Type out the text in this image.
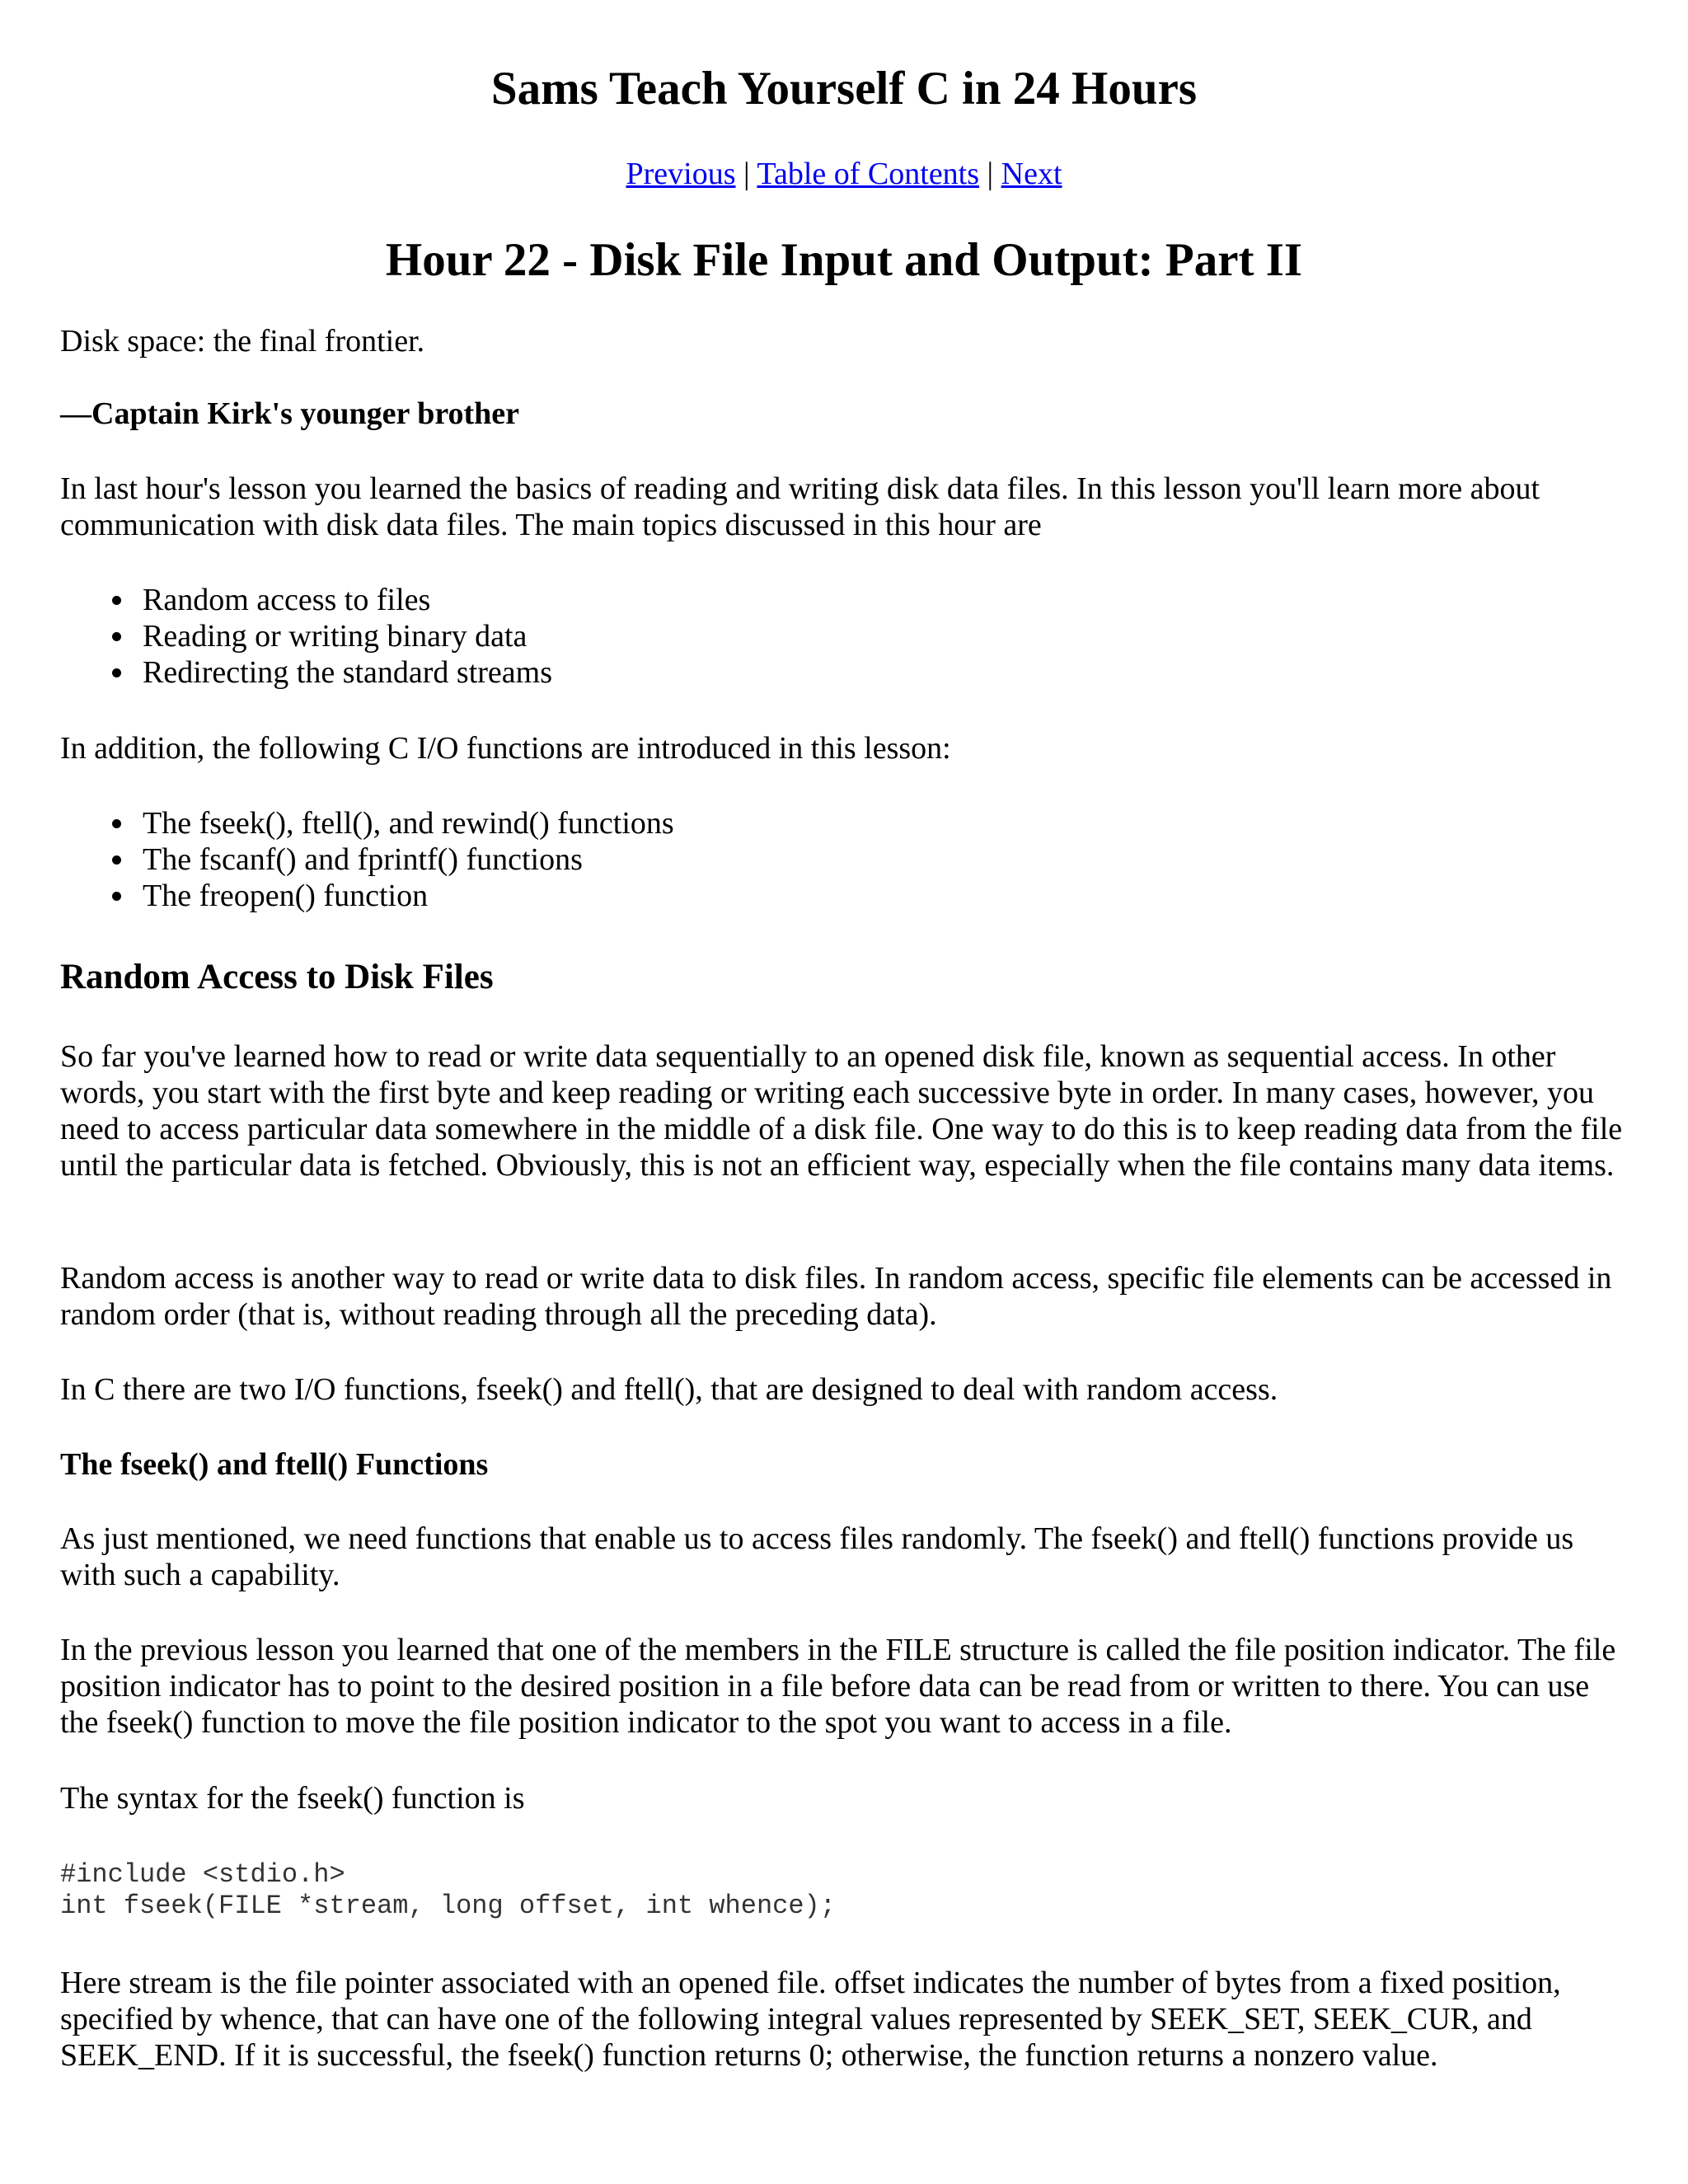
Sams Teach Yourself C in 24 Hours
Previous | Table of Contents | Next
Hour 22 - Disk File Input and Output: Part II

Disk space: the final frontier.

—Captain Kirk's younger brother

In last hour's lesson you learned the basics of reading and writing disk data files. In this lesson you'll learn more about communication with disk data files. The main topics discussed in this hour are

Random access to files
Reading or writing binary data
Redirecting the standard streams

In addition, the following C I/O functions are introduced in this lesson:

The fseek(), ftell(), and rewind() functions
The fscanf() and fprintf() functions
The freopen() function
Random Access to Disk Files

So far you've learned how to read or write data sequentially to an opened disk file, known as sequential access. In other words, you start with the first byte and keep reading or writing each successive byte in order. In many cases, however, you need to access particular data somewhere in the middle of a disk file. One way to do this is to keep reading data from the file until the particular data is fetched. Obviously, this is not an efficient way, especially when the file contains many data items.

Random access is another way to read or write data to disk files. In random access, specific file elements can be accessed in random order (that is, without reading through all the preceding data).

In C there are two I/O functions, fseek() and ftell(), that are designed to deal with random access.

The fseek() and ftell() Functions

As just mentioned, we need functions that enable us to access files randomly. The fseek() and ftell() functions provide us with such a capability.

In the previous lesson you learned that one of the members in the FILE structure is called the file position indicator. The file position indicator has to point to the desired position in a file before data can be read from or written to there. You can use the fseek() function to move the file position indicator to the spot you want to access in a file.

The syntax for the fseek() function is

#include <stdio.h>
int fseek(FILE *stream, long offset, int whence);

Here stream is the file pointer associated with an opened file. offset indicates the number of bytes from a fixed position, specified by whence, that can have one of the following integral values represented by SEEK_SET, SEEK_CUR, and SEEK_END. If it is successful, the fseek() function returns 0; otherwise, the function returns a nonzero value.
